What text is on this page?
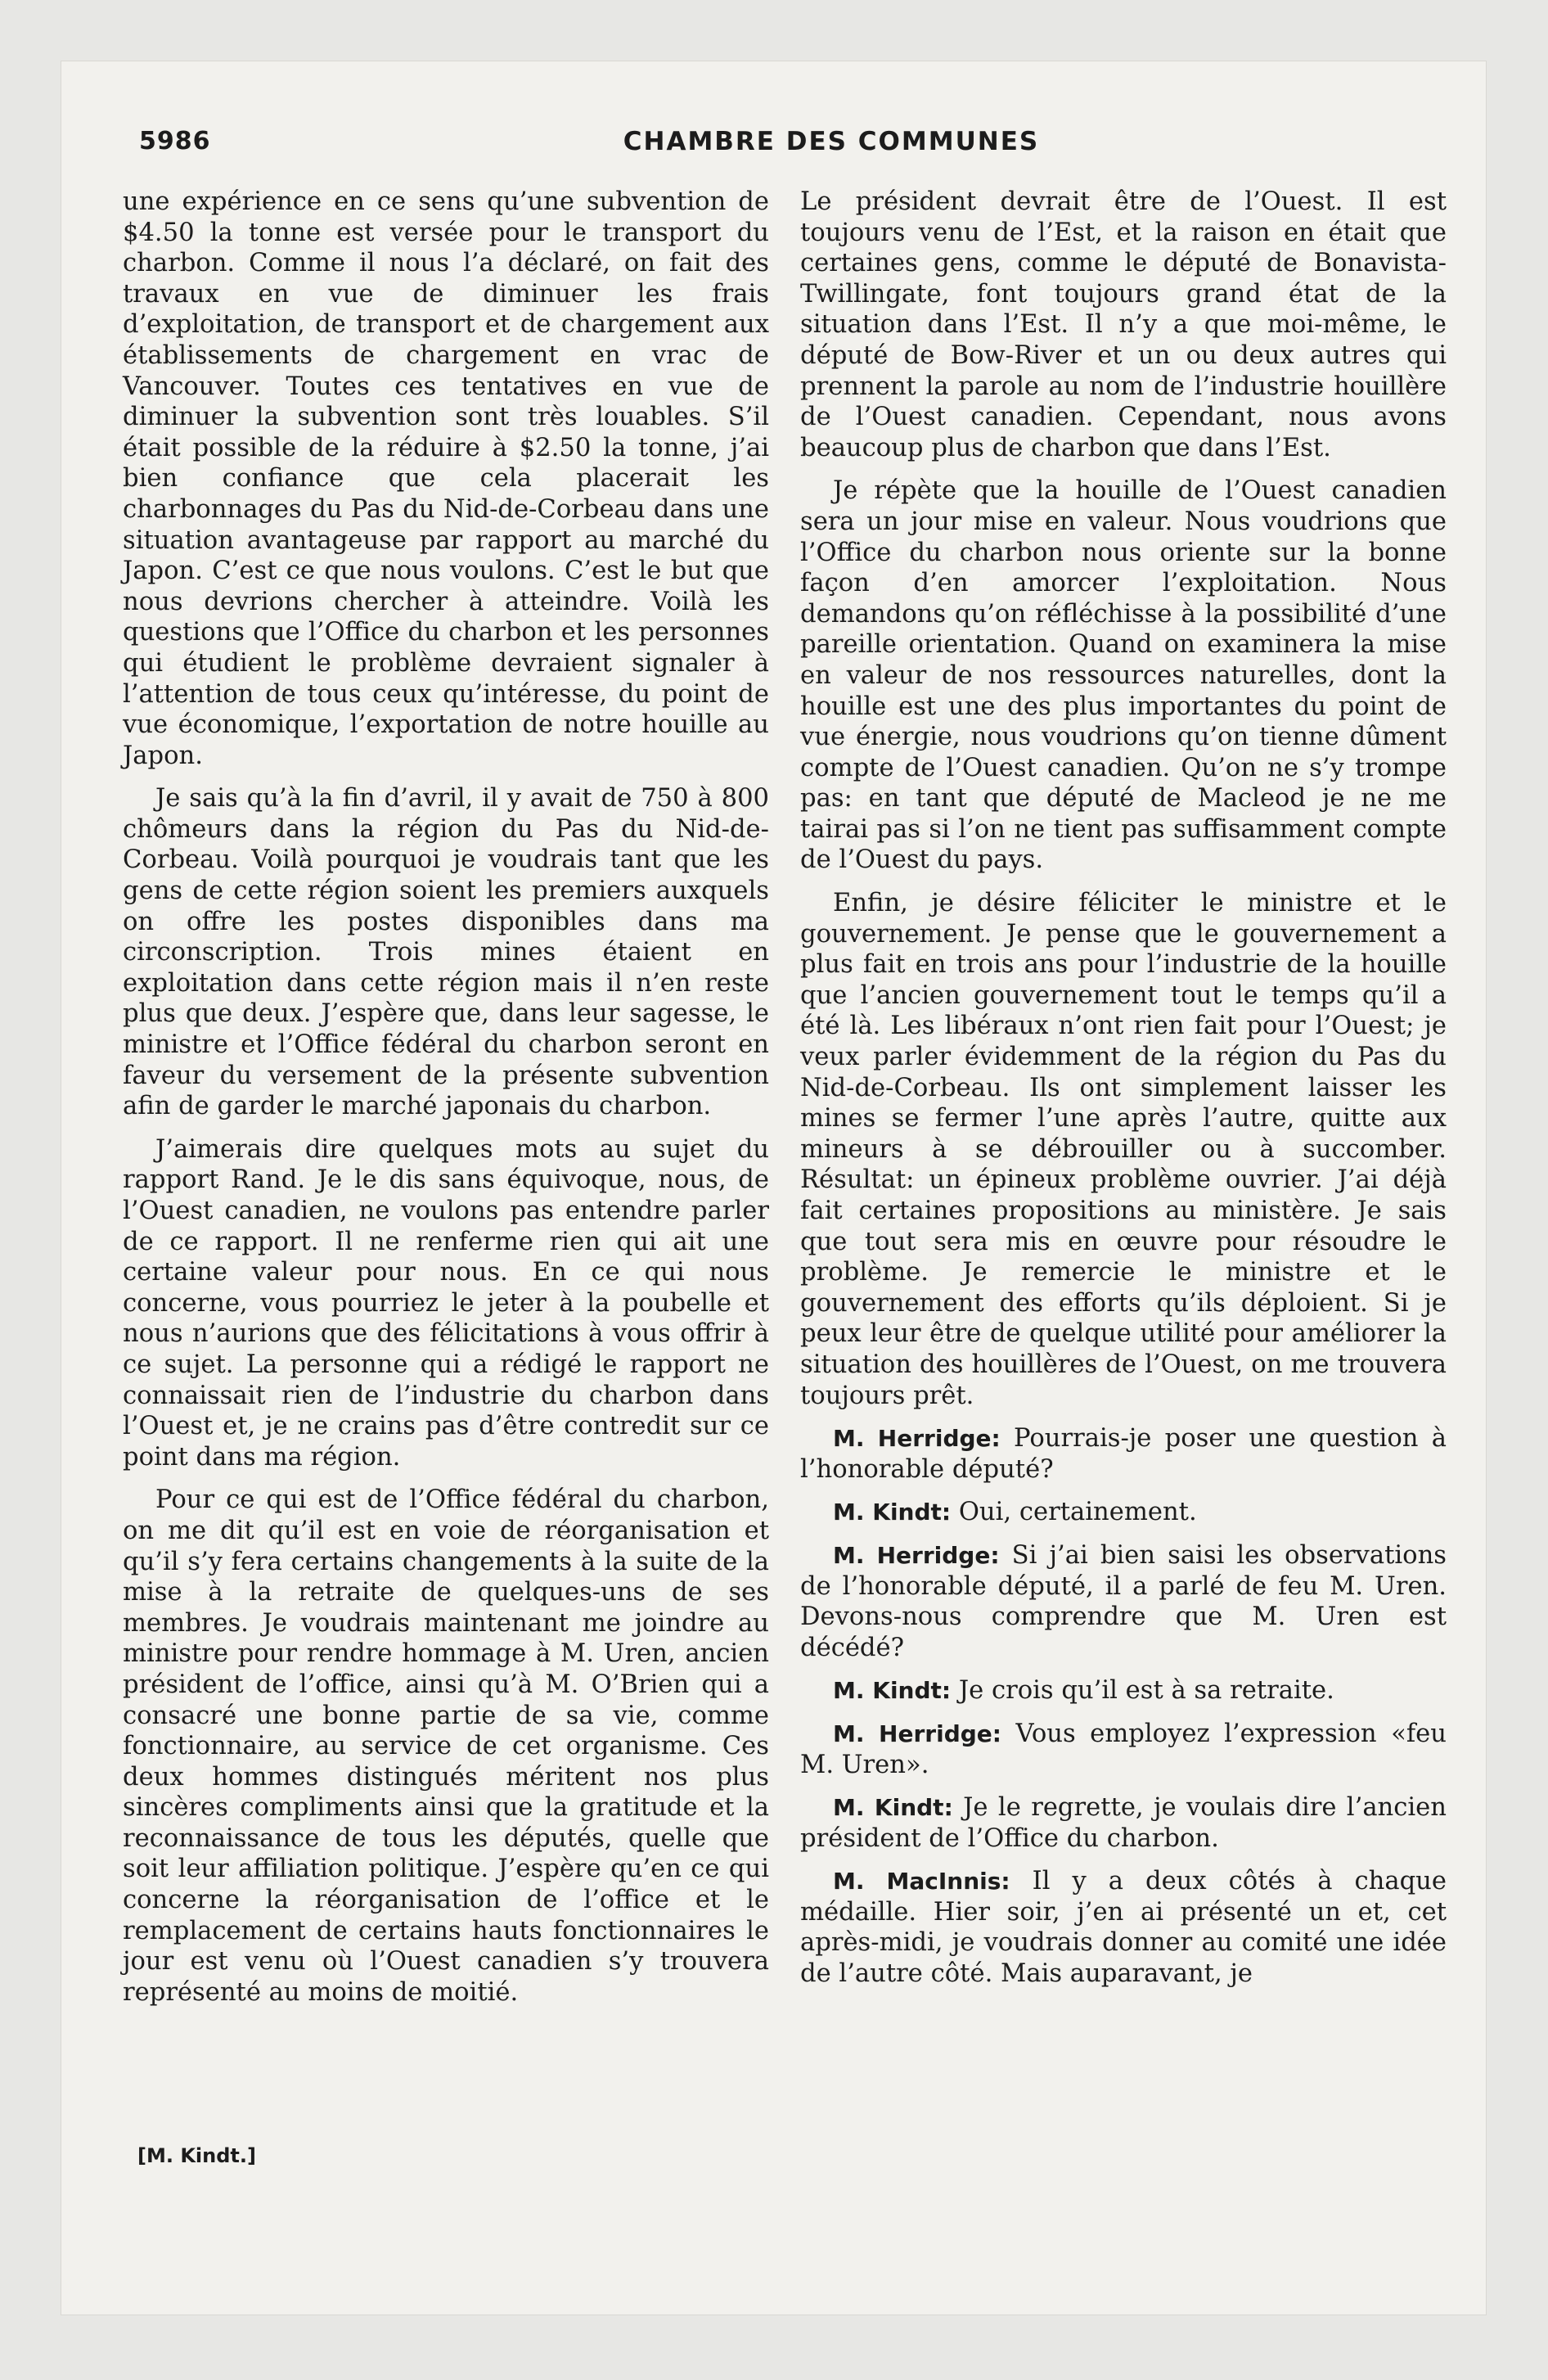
5986	CHAMBRE DES COMMUNES

une expérience en ce sens qu’une subvention de $4.50 la tonne est versée pour le transport du charbon. Comme il nous l’a déclaré, on fait des travaux en vue de diminuer les frais d’exploitation, de transport et de chargement aux établissements de chargement en vrac de Vancouver. Toutes ces tentatives en vue de diminuer la subvention sont très louables. S’il était possible de la réduire à $2.50 la tonne, j’ai bien confiance que cela placerait les charbonnages du Pas du Nid-de-Corbeau dans une situation avantageuse par rapport au marché du Japon. C’est ce que nous voulons. C’est le but que nous devrions chercher à atteindre. Voilà les questions que l’Office du charbon et les personnes qui étudient le problème devraient signaler à l’attention de tous ceux qu’intéresse, du point de vue économique, l’exportation de notre houille au Japon.

Je sais qu’à la fin d’avril, il y avait de 750 à 800 chômeurs dans la région du Pas du Nid-de-Corbeau. Voilà pourquoi je voudrais tant que les gens de cette région soient les premiers auxquels on offre les postes disponibles dans ma circonscription. Trois mines étaient en exploitation dans cette région mais il n’en reste plus que deux. J’espère que, dans leur sagesse, le ministre et l’Office fédéral du charbon seront en faveur du versement de la présente subvention afin de garder le marché japonais du charbon.

J’aimerais dire quelques mots au sujet du rapport Rand. Je le dis sans équivoque, nous, de l’Ouest canadien, ne voulons pas entendre parler de ce rapport. Il ne renferme rien qui ait une certaine valeur pour nous. En ce qui nous concerne, vous pourriez le jeter à la poubelle et nous n’aurions que des félicitations à vous offrir à ce sujet. La personne qui a rédigé le rapport ne connaissait rien de l’industrie du charbon dans l’Ouest et, je ne crains pas d’être contredit sur ce point dans ma région.

Pour ce qui est de l’Office fédéral du charbon, on me dit qu’il est en voie de réorganisation et qu’il s’y fera certains changements à la suite de la mise à la retraite de quelques-uns de ses membres. Je voudrais maintenant me joindre au ministre pour rendre hommage à M. Uren, ancien président de l’office, ainsi qu’à M. O’Brien qui a consacré une bonne partie de sa vie, comme fonctionnaire, au service de cet organisme. Ces deux hommes distingués méritent nos plus sincères compliments ainsi que la gratitude et la reconnaissance de tous les députés, quelle que soit leur affiliation politique. J’espère qu’en ce qui concerne la réorganisation de l’office et le remplacement de certains hauts fonctionnaires le jour est venu où l’Ouest canadien s’y trouvera représenté au moins de moitié.

[M. Kindt.]

Le président devrait être de l’Ouest. Il est toujours venu de l’Est, et la raison en était que certaines gens, comme le député de Bonavista-Twillingate, font toujours grand état de la situation dans l’Est. Il n’y a que moi-même, le député de Bow-River et un ou deux autres qui prennent la parole au nom de l’industrie houillère de l’Ouest canadien. Cependant, nous avons beaucoup plus de charbon que dans l’Est.

Je répète que la houille de l’Ouest canadien sera un jour mise en valeur. Nous voudrions que l’Office du charbon nous oriente sur la bonne façon d’en amorcer l’exploitation. Nous demandons qu’on réfléchisse à la possibilité d’une pareille orientation. Quand on examinera la mise en valeur de nos ressources naturelles, dont la houille est une des plus importantes du point de vue énergie, nous voudrions qu’on tienne dûment compte de l’Ouest canadien. Qu’on ne s’y trompe pas: en tant que député de Macleod je ne me tairai pas si l’on ne tient pas suffisamment compte de l’Ouest du pays.

Enfin, je désire féliciter le ministre et le gouvernement. Je pense que le gouvernement a plus fait en trois ans pour l’industrie de la houille que l’ancien gouvernement tout le temps qu’il a été là. Les libéraux n’ont rien fait pour l’Ouest; je veux parler évidemment de la région du Pas du Nid-de-Corbeau. Ils ont simplement laisser les mines se fermer l’une après l’autre, quitte aux mineurs à se débrouiller ou à succomber. Résultat: un épineux problème ouvrier. J’ai déjà fait certaines propositions au ministère. Je sais que tout sera mis en œuvre pour résoudre le problème. Je remercie le ministre et le gouvernement des efforts qu’ils déploient. Si je peux leur être de quelque utilité pour améliorer la situation des houillères de l’Ouest, on me trouvera toujours prêt.

M. Herridge: Pourrais-je poser une question à l’honorable député?

M. Kindt: Oui, certainement.

M. Herridge: Si j’ai bien saisi les observations de l’honorable député, il a parlé de feu M. Uren. Devons-nous comprendre que M. Uren est décédé?

M. Kindt: Je crois qu’il est à sa retraite.

M. Herridge: Vous employez l’expression «feu M. Uren».

M. Kindt: Je le regrette, je voulais dire l’ancien président de l’Office du charbon.

M. MacInnis: Il y a deux côtés à chaque médaille. Hier soir, j’en ai présenté un et, cet après-midi, je voudrais donner au comité une idée de l’autre côté. Mais auparavant, je
